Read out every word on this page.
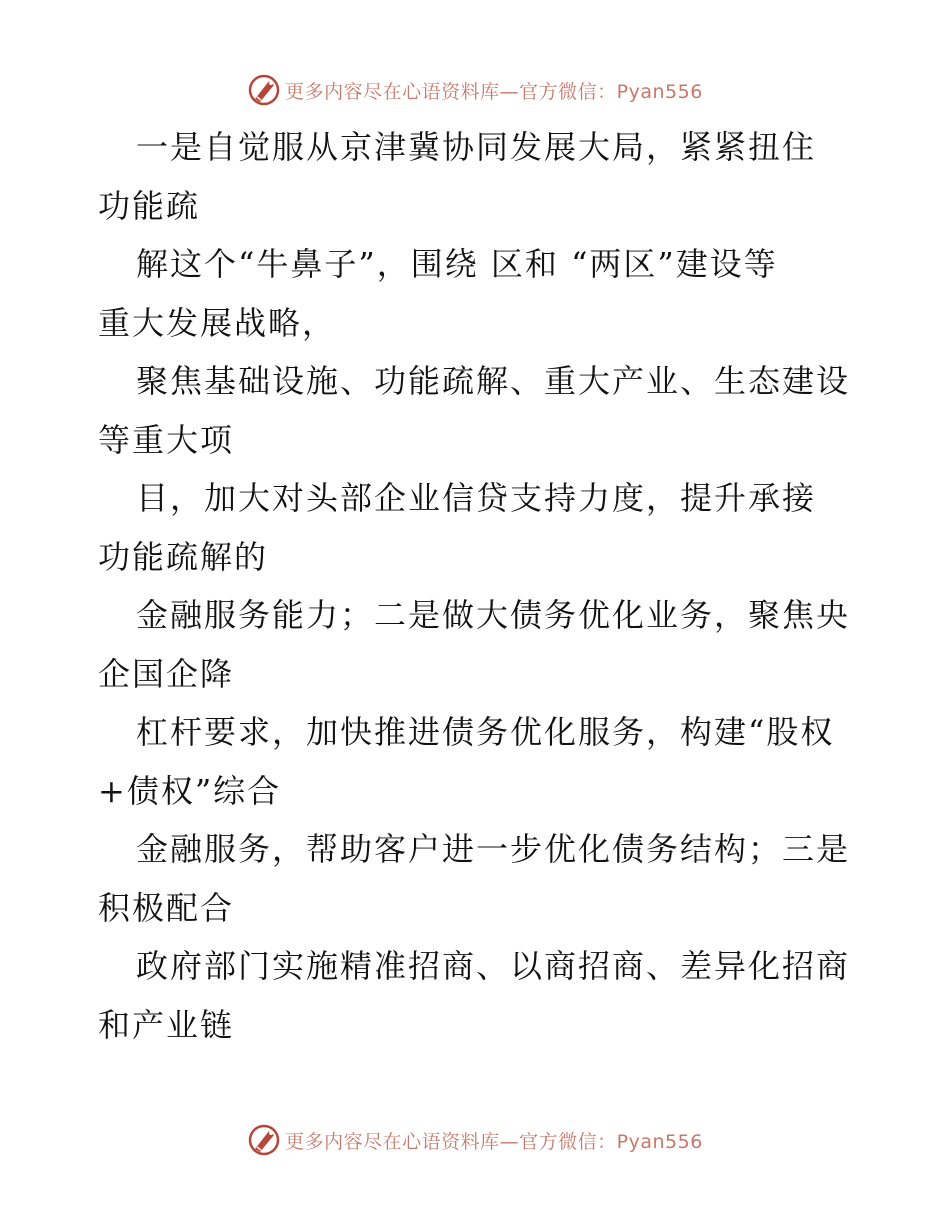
更多内容尽在心语资料库—官方微信：Pyan556
一是自觉服从京津冀协同发展大局，紧紧扭住
功能疏
解这个“牛鼻子”，围绕 区和 “两区”建设等
重大发展战略，
聚焦基础设施、功能疏解、重大产业、生态建设
等重大项
目，加大对头部企业信贷支持力度，提升承接
功能疏解的
金融服务能力；二是做大债务优化业务，聚焦央
企国企降
杠杆要求，加快推进债务优化服务，构建“股权
+债权”综合
金融服务，帮助客户进一步优化债务结构；三是
积极配合
政府部门实施精准招商、以商招商、差异化招商
和产业链
更多内容尽在心语资料库—官方微信：Pyan556
